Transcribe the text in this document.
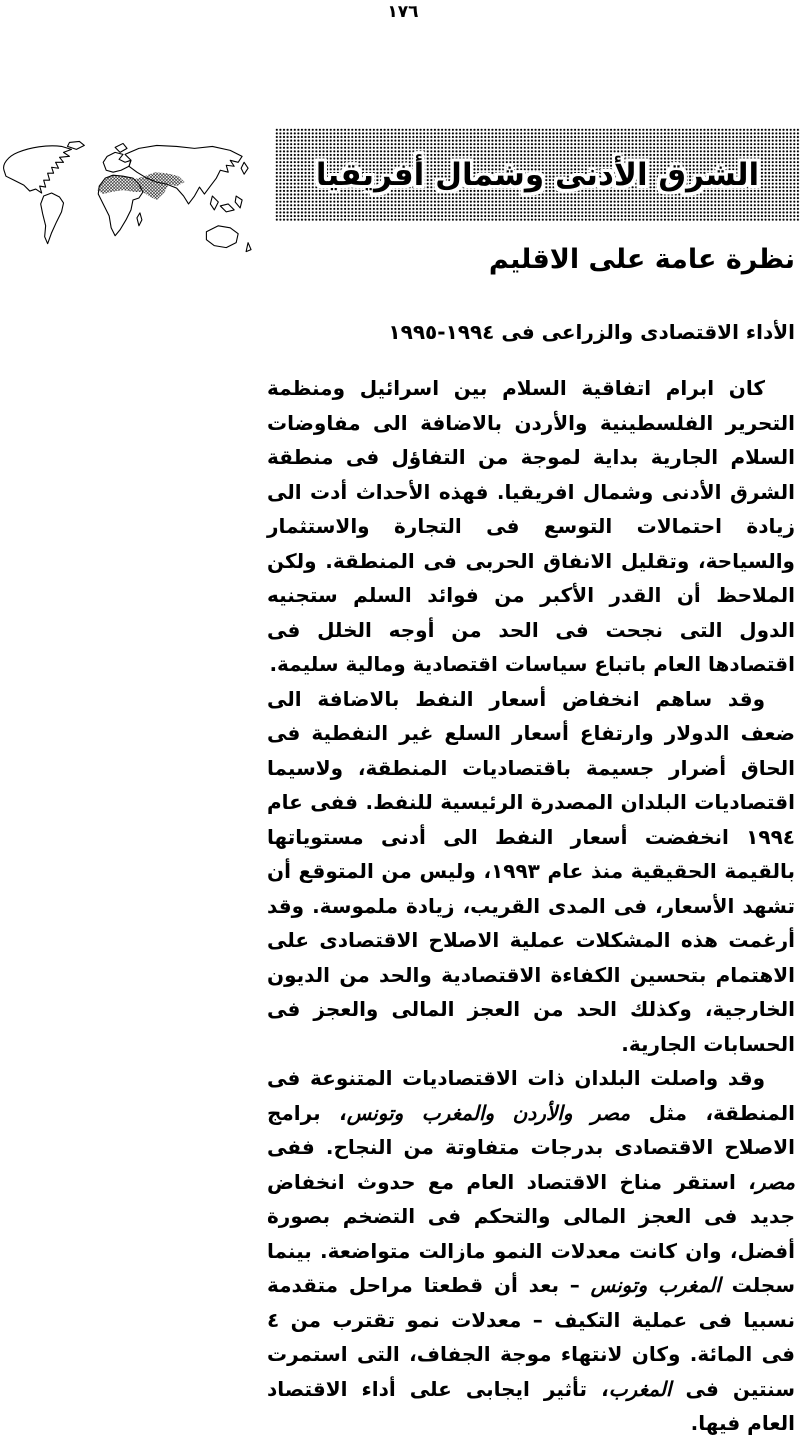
١٧٦
الشرق الأدنى وشمال أفريقيا
نظرة عامة على الاقليم
الأداء الاقتصادى والزراعى فى ١٩٩٤-١٩٩٥

كان ابرام اتفاقية السلام بين اسرائيل ومنظمة التحرير الفلسطينية والأردن بالاضافة الى مفاوضات السلام الجارية بداية لموجة من التفاؤل فى منطقة الشرق الأدنى وشمال افريقيا. فهذه الأحداث أدت الى زيادة احتمالات التوسع فى التجارة والاستثمار والسياحة، وتقليل الانفاق الحربى فى المنطقة. ولكن الملاحظ أن القدر الأكبر من فوائد السلم ستجنيه الدول التى نجحت فى الحد من أوجه الخلل فى اقتصادها العام باتباع سياسات اقتصادية ومالية سليمة.

وقد ساهم انخفاض أسعار النفط بالاضافة الى ضعف الدولار وارتفاع أسعار السلع غير النفطية فى الحاق أضرار جسيمة باقتصاديات المنطقة، ولاسيما اقتصاديات البلدان المصدرة الرئيسية للنفط. ففى عام ١٩٩٤ انخفضت أسعار النفط الى أدنى مستوياتها بالقيمة الحقيقية منذ عام ١٩٩٣، وليس من المتوقع أن تشهد الأسعار، فى المدى القريب، زيادة ملموسة. وقد أرغمت هذه المشكلات عملية الاصلاح الاقتصادى على الاهتمام بتحسين الكفاءة الاقتصادية والحد من الديون الخارجية، وكذلك الحد من العجز المالى والعجز فى الحسابات الجارية.

وقد واصلت البلدان ذات الاقتصاديات المتنوعة فى المنطقة، مثل مصر والأردن والمغرب وتونس، برامج الاصلاح الاقتصادى بدرجات متفاوتة من النجاح. ففى مصر، استقر مناخ الاقتصاد العام مع حدوث انخفاض جديد فى العجز المالى والتحكم فى التضخم بصورة أفضل، وان كانت معدلات النمو مازالت متواضعة. بينما سجلت المغرب وتونس – بعد أن قطعتا مراحل متقدمة نسبيا فى عملية التكيف – معدلات نمو تقترب من ٤ فى المائة. وكان لانتهاء موجة الجفاف، التى استمرت سنتين فى المغرب، تأثير ايجابى على أداء الاقتصاد العام فيها.
